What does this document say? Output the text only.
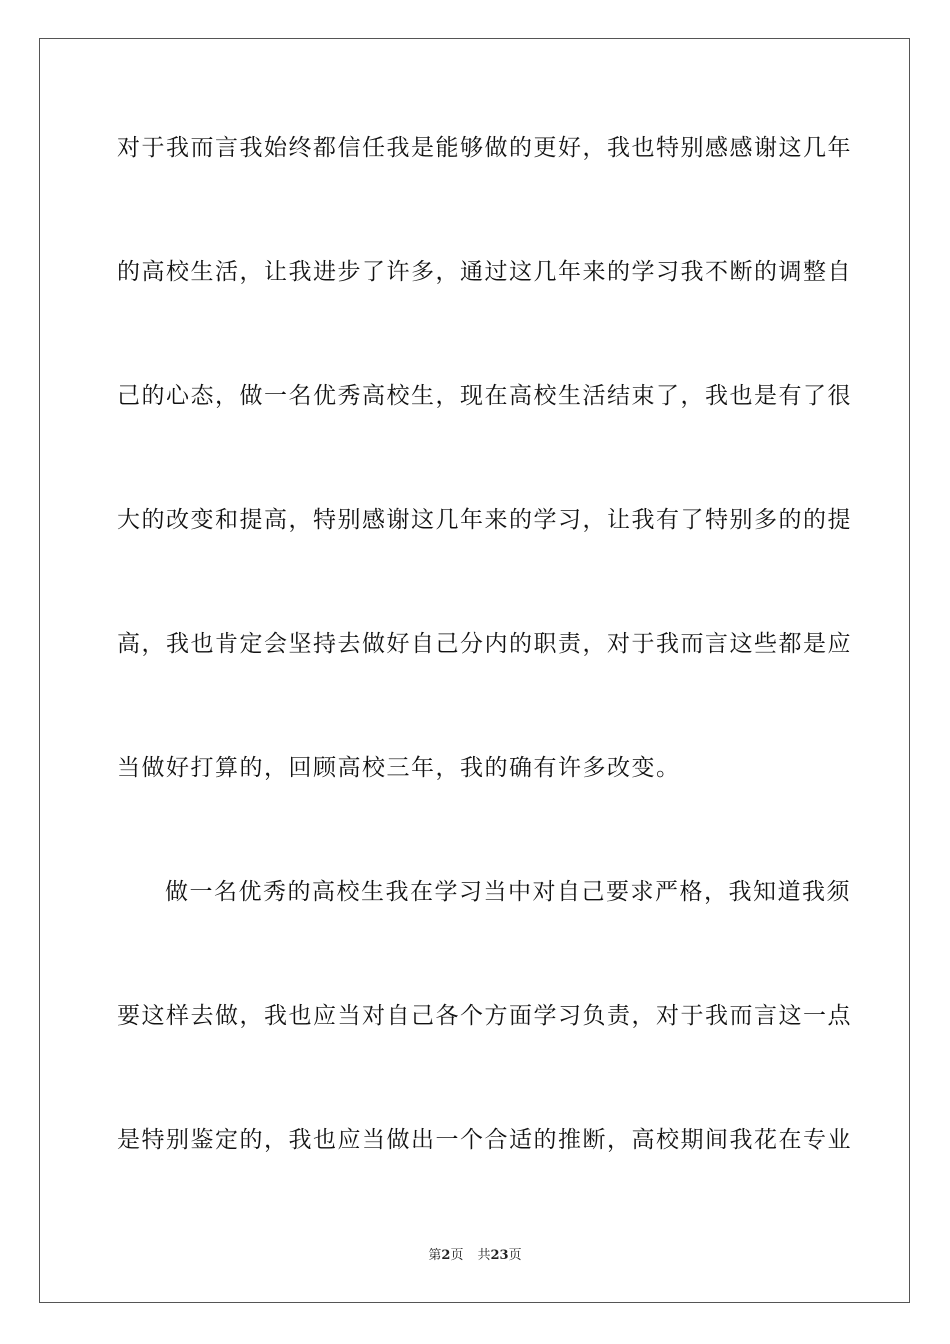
对于我而言我始终都信任我是能够做的更好，我也特别感感谢这几年
的高校生活，让我进步了许多，通过这几年来的学习我不断的调整自
己的心态，做一名优秀高校生，现在高校生活结束了，我也是有了很
大的改变和提高，特别感谢这几年来的学习，让我有了特别多的的提
高，我也肯定会坚持去做好自己分内的职责，对于我而言这些都是应
当做好打算的，回顾高校三年，我的确有许多改变。
做一名优秀的高校生我在学习当中对自己要求严格，我知道我须
要这样去做，我也应当对自己各个方面学习负责，对于我而言这一点
是特别鉴定的，我也应当做出一个合适的推断，高校期间我花在专业
第2页 共23页
